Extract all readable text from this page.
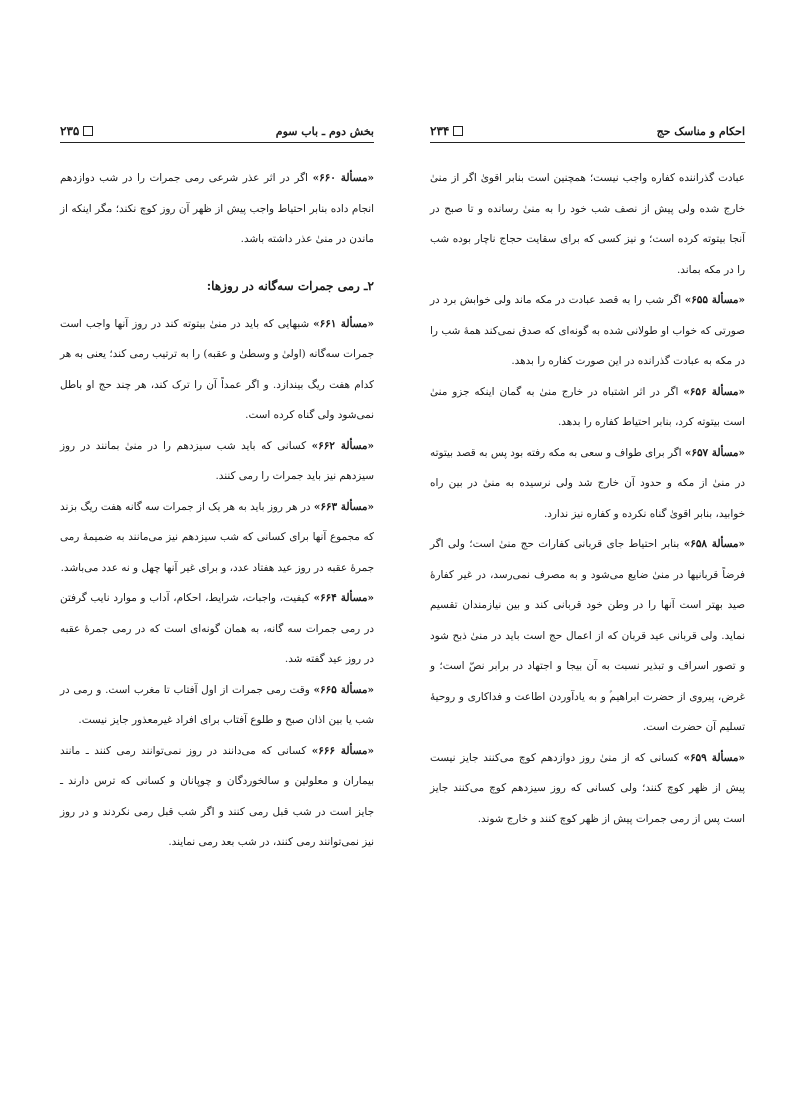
احکام و مناسک حج
۲۳۴

عبادت گذراننده کفاره واجب نیست؛ همچنین است بنابر اقویٰ اگر از منیٰ خارج شده ولی پیش از نصف شب خود را به منیٰ رسانده و تا صبح در آنجا بیتوته کرده است؛ و نیز کسی که برای سقایت حجاج ناچار بوده شب را در مکه بماند.

«مسألة ۶۵۵» اگر شب را به قصد عبادت در مکه ماند ولی خوابش برد در صورتی که خواب او طولانی شده به گونه‌ای که صدق نمی‌کند همهٔ شب را در مکه به عبادت گذرانده در این صورت کفاره را بدهد.

«مسألة ۶۵۶» اگر در اثر اشتباه در خارج منیٰ به گمان اینکه جزو منیٰ است بیتوته کرد، بنابر احتیاط کفاره را بدهد.

«مسألة ۶۵۷» اگر برای طواف و سعی به مکه رفته بود پس به قصد بیتوته در منیٰ از مکه و حدود آن خارج شد ولی نرسیده به منیٰ در بین راه خوابید، بنابر اقویٰ گناه نکرده و کفاره نیز ندارد.

«مسألة ۶۵۸» بنابر احتیاط جای قربانی کفارات حج منیٰ است؛ ولی اگر فرضاً قربانیها در منیٰ ضایع می‌شود و به مصرف نمی‌رسد، در غیر کفارهٔ صید بهتر است آنها را در وطن خود قربانی کند و بین نیازمندان تقسیم نماید. ولی قربانی عید قربان که از اعمال حج است باید در منیٰ ذبح شود و تصور اسراف و تبذیر نسبت به آن بیجا و اجتهاد در برابر نصّ است؛ و غرض، پیروی از حضرت ابراهیم‌‌ؑ و به یادآوردن اطاعت و فداکاری و روحیهٔ تسلیم آن حضرت است.

«مسألة ۶۵۹» کسانی که از منیٰ روز دوازدهم کوچ می‌کنند جایز نیست پیش از ظهر کوچ کنند؛ ولی کسانی که روز سیزدهم کوچ می‌کنند جایز است پس از رمی جمرات پیش از ظهر کوچ کنند و خارج شوند.

بخش دوم ـ باب سوم
۲۳۵

«مسألة ۶۶۰» اگر در اثر عذر شرعی رمی جمرات را در شب دوازدهم انجام داده بنابر احتیاط واجب پیش از ظهر آن روز کوچ نکند؛ مگر اینکه از ماندن در منیٰ عذر داشته باشد.

۲ـ رمی جمرات سه‌گانه در روزها:

«مسألة ۶۶۱» شبهایی که باید در منیٰ بیتوته کند در روز آنها واجب است جمرات سه‌گانه (اولیٰ و وسطیٰ و عقبه) را به ترتیب رمی کند؛ یعنی به هر کدام هفت ریگ بیندازد. و اگر عمداً آن را ترک کند، هر چند حج او باطل نمی‌شود ولی گناه کرده است.

«مسألة ۶۶۲» کسانی که باید شب سیزدهم را در منیٰ بمانند در روز سیزدهم نیز باید جمرات را رمی کنند.

«مسألة ۶۶۳» در هر روز باید به هر یک از جمرات سه گانه هفت ریگ بزند که مجموع آنها برای کسانی که شب سیزدهم نیز می‌مانند به ضمیمهٔ رمی جمرهٔ عقبه در روز عید هفتاد عدد، و برای غیر آنها چهل و نه عدد می‌باشد.

«مسألة ۶۶۴» کیفیت، واجبات، شرایط، احکام، آداب و موارد نایب گرفتن در رمی جمرات سه گانه، به همان گونه‌ای است که در رمی جمرهٔ عقبه در روز عید گفته شد.

«مسألة ۶۶۵» وقت رمی جمرات از اول آفتاب تا مغرب است. و رمی در شب یا بین اذان صبح و طلوع آفتاب برای افراد غیرمعذور جایز نیست.

«مسألة ۶۶۶» کسانی که می‌دانند در روز نمی‌توانند رمی کنند ـ مانند بیماران و معلولین و سالخوردگان و چوپانان و کسانی که ترس دارند ـ جایز است در شب قبل رمی کنند و اگر شب قبل رمی نکردند و در روز نیز نمی‌توانند رمی کنند، در شب بعد رمی نمایند.
